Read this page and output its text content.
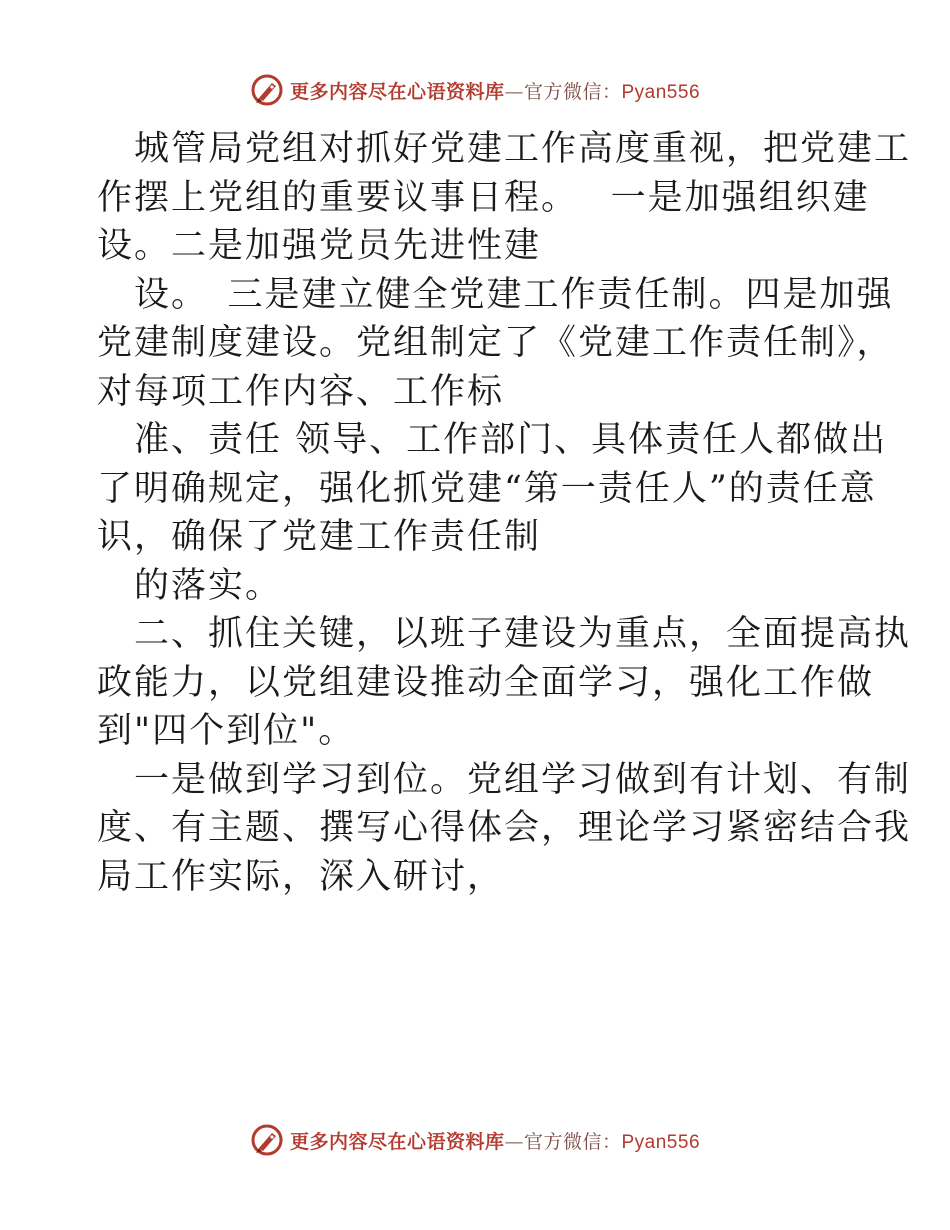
更多内容尽在心语资料库—官方微信：Pyan556
　城管局党组对抓好党建工作高度重视，把党建工
作摆上党组的重要议事日程。　 一是加强组织建
设。二是加强党员先进性建
　设。　三是建立健全党建工作责任制。四是加强
党建制度建设。党组制定了《党建工作责任制》，
对每项工作内容、工作标
　准、责任 领导、工作部门、具体责任人都做出
了明确规定，强化抓党建“第一责任人”的责任意
识，确保了党建工作责任制
　的落实。
　二、抓住关键，以班子建设为重点，全面提高执
政能力，以党组建设推动全面学习，强化工作做
到"四个到位"。
　一是做到学习到位。党组学习做到有计划、有制
度、有主题、撰写心得体会，理论学习紧密结合我
局工作实际，深入研讨，
更多内容尽在心语资料库—官方微信：Pyan556
